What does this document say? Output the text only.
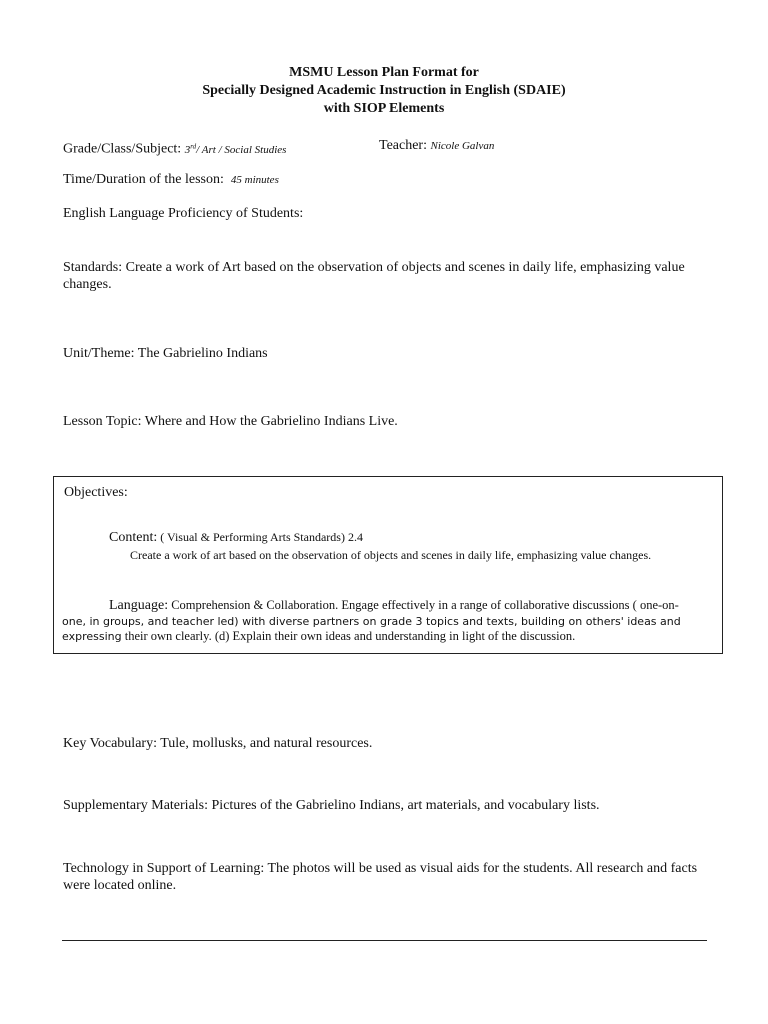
MSMU Lesson Plan Format for
Specially Designed Academic Instruction in English (SDAIE)
with SIOP Elements
Grade/Class/Subject: 3rd/ Art / Social Studies	Teacher: Nicole Galvan
Time/Duration of the lesson: 45 minutes
English Language Proficiency of Students:
Standards: Create a work of Art based on the observation of objects and scenes in daily life, emphasizing value changes.
Unit/Theme: The Gabrielino Indians
Lesson Topic: Where and How the Gabrielino Indians Live.
Objectives:
Content: ( Visual & Performing Arts Standards) 2.4
Create a work of art based on the observation of objects and scenes in daily life, emphasizing value changes.
Language: Comprehension & Collaboration. Engage effectively in a range of collaborative discussions ( one-on-
one, in groups, and teacher led) with diverse partners on grade 3 topics and texts, building on others' ideas and expressing their own clearly. (d) Explain their own ideas and understanding in light of the discussion.
Key Vocabulary: Tule, mollusks, and natural resources.
Supplementary Materials: Pictures of the Gabrielino Indians, art materials, and vocabulary lists.
Technology in Support of Learning: The photos will be used as visual aids for the students. All research and facts were located online.
